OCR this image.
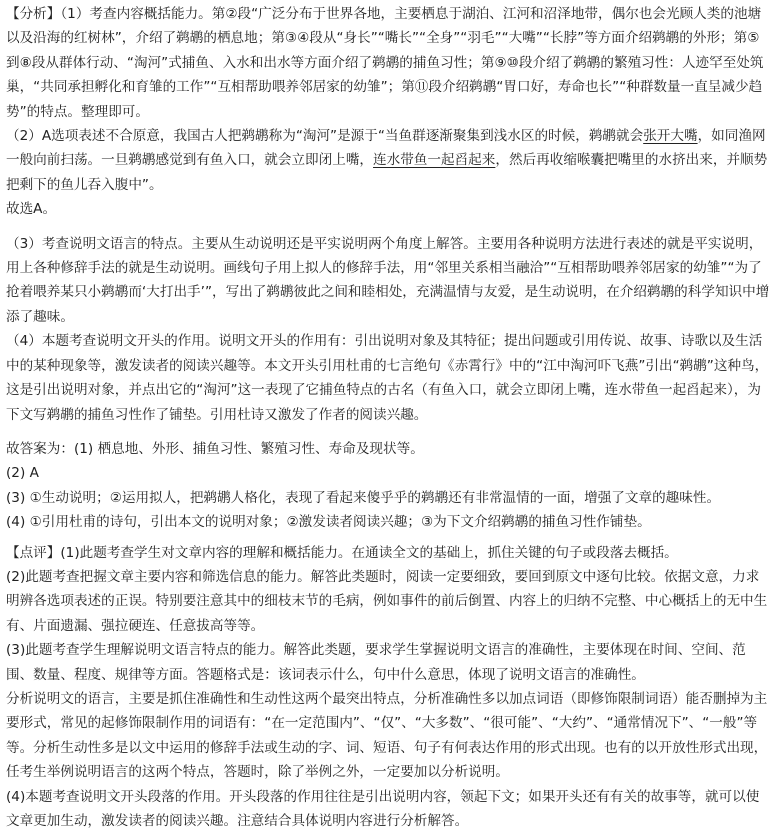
【分析】（1）考查内容概括能力。第②段“广泛分布于世界各地，主要栖息于湖泊、江河和沼泽地带，偶尔也会光顾人类的池塘以及沿海的红树林”，介绍了鹈鹕的栖息地；第③④段从“身长”“嘴长”“全身”“羽毛”“大嘴”“长脖”等方面介绍鹈鹕的外形；第⑤到⑧段从群体行动、“淘河”式捕鱼、入水和出水等方面介绍了鹈鹕的捕鱼习性；第⑨⑩段介绍了鹈鹕的繁殖习性：人迹罕至处筑巢，“共同承担孵化和育雏的工作”“互相帮助喂养邻居家的幼雏”；第⑪段介绍鹈鹕“胃口好，寿命也长”“种群数量一直呈减少趋势”的特点。整理即可。

（2）A选项表述不合原意，我国古人把鹈鹕称为“淘河”是源于“当鱼群逐渐聚集到浅水区的时候，鹈鹕就会张开大嘴，如同渔网一般向前扫荡。一旦鹈鹕感觉到有鱼入口，就会立即闭上嘴，连水带鱼一起舀起来，然后再收缩喉囊把嘴里的水挤出来，并顺势把剩下的鱼儿吞入腹中”。

故选A。

（3）考查说明文语言的特点。主要从生动说明还是平实说明两个角度上解答。主要用各种说明方法进行表述的就是平实说明，用上各种修辞手法的就是生动说明。画线句子用上拟人的修辞手法，用“邻里关系相当融洽”“互相帮助喂养邻居家的幼雏”“为了抢着喂养某只小鹈鹕而‘大打出手’”，写出了鹈鹕彼此之间和睦相处，充满温情与友爱，是生动说明，在介绍鹈鹕的科学知识中增添了趣味。

（4）本题考查说明文开头的作用。说明文开头的作用有：引出说明对象及其特征；提出问题或引用传说、故事、诗歌以及生活中的某种现象等，激发读者的阅读兴趣等。本文开头引用杜甫的七言绝句《赤霄行》中的“江中淘河吓飞燕”引出“鹈鹕”这种鸟，这是引出说明对象，并点出它的“淘河”这一表现了它捕鱼特点的古名（有鱼入口，就会立即闭上嘴，连水带鱼一起舀起来），为下文写鹈鹕的捕鱼习性作了铺垫。引用杜诗又激发了作者的阅读兴趣。

故答案为：(1) 栖息地、外形、捕鱼习性、繁殖习性、寿命及现状等。

(2) A

(3) ①生动说明；②运用拟人，把鹈鹕人格化，表现了看起来傻乎乎的鹈鹕还有非常温情的一面，增强了文章的趣味性。

(4) ①引用杜甫的诗句，引出本文的说明对象；②激发读者阅读兴趣；③为下文介绍鹈鹕的捕鱼习性作铺垫。

【点评】(1)此题考查学生对文章内容的理解和概括能力。在通读全文的基础上，抓住关键的句子或段落去概括。

(2)此题考查把握文章主要内容和筛选信息的能力。解答此类题时，阅读一定要细致，要回到原文中逐句比较。依据文意，力求明辨各选项表述的正误。特别要注意其中的细枝末节的毛病，例如事件的前后倒置、内容上的归纳不完整、中心概括上的无中生有、片面遗漏、强拉硬连、任意拔高等等。

(3)此题考查学生理解说明文语言特点的能力。解答此类题，要求学生掌握说明文语言的准确性，主要体现在时间、空间、范围、数量、程度、规律等方面。答题格式是：该词表示什么，句中什么意思，体现了说明文语言的准确性。

分析说明文的语言，主要是抓住准确性和生动性这两个最突出特点，分析准确性多以加点词语（即修饰限制词语）能否删掉为主要形式，常见的起修饰限制作用的词语有：“在一定范围内”、“仅”、“大多数”、“很可能”、“大约”、“通常情况下”、“一般”等等。分析生动性多是以文中运用的修辞手法或生动的字、词、短语、句子有何表达作用的形式出现。也有的以开放性形式出现，任考生举例说明语言的这两个特点，答题时，除了举例之外，一定要加以分析说明。

(4)本题考查说明文开头段落的作用。开头段落的作用往往是引出说明内容，领起下文；如果开头还有有关的故事等，就可以使文章更加生动，激发读者的阅读兴趣。注意结合具体说明内容进行分析解答。
